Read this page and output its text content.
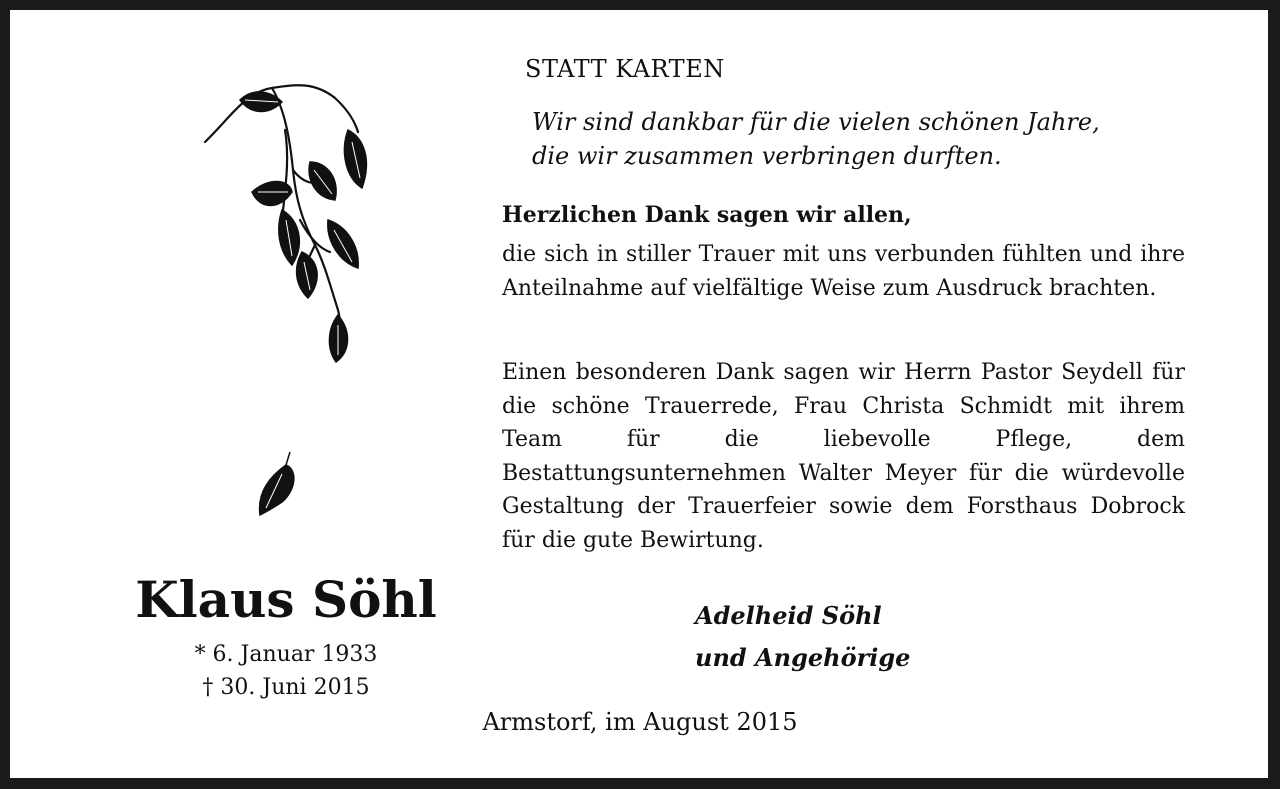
STATT KARTEN
Wir sind dankbar für die vielen schönen Jahre,
die wir zusammen verbringen durften.
Herzlichen Dank sagen wir allen,

die sich in stiller Trauer mit uns verbunden fühlten und ihre Anteilnahme auf vielfältige Weise zum Ausdruck brachten.

Einen besonderen Dank sagen wir Herrn Pastor Seydell für die schöne Trauerrede, Frau Christa Schmidt mit ihrem Team für die liebevolle Pflege, dem Bestattungsunternehmen Walter Meyer für die würdevolle Gestaltung der Trauerfeier sowie dem Forsthaus Dobrock für die gute Bewirtung.

Klaus Söhl
* 6. Januar 1933
† 30. Juni 2015
Adelheid Söhl
und Angehörige
Armstorf, im August 2015
